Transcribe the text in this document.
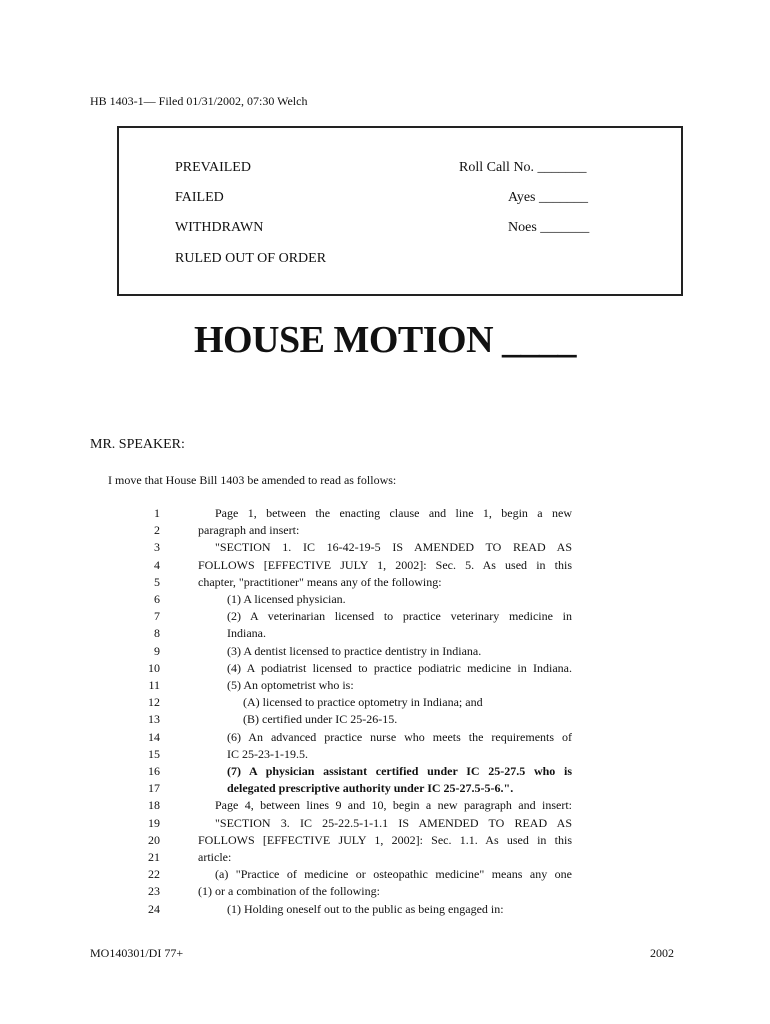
HB 1403-1— Filed 01/31/2002, 07:30 Welch
PREVAILED
FAILED
WITHDRAWN
RULED OUT OF ORDER
Roll Call No. _______
Ayes _______
Noes _______
HOUSE MOTION ____
MR. SPEAKER:
I move that House Bill 1403 be amended to read as follows:
1	Page 1, between the enacting clause and line 1, begin a new
2	paragraph and insert:
3	"SECTION 1. IC 16-42-19-5 IS AMENDED TO READ AS
4	FOLLOWS [EFFECTIVE JULY 1, 2002]: Sec. 5. As used in this
5	chapter, "practitioner" means any of the following:
6	(1) A licensed physician.
7	(2) A veterinarian licensed to practice veterinary medicine in
8	Indiana.
9	(3) A dentist licensed to practice dentistry in Indiana.
10	(4) A podiatrist licensed to practice podiatric medicine in Indiana.
11	(5) An optometrist who is:
12	(A) licensed to practice optometry in Indiana; and
13	(B) certified under IC 25-26-15.
14	(6) An advanced practice nurse who meets the requirements of
15	IC 25-23-1-19.5.
16	(7) A physician assistant certified under IC 25-27.5 who is
17	delegated prescriptive authority under IC 25-27.5-5-6.".
18	Page 4, between lines 9 and 10, begin a new paragraph and insert:
19	"SECTION 3. IC 25-22.5-1-1.1 IS AMENDED TO READ AS
20	FOLLOWS [EFFECTIVE JULY 1, 2002]: Sec. 1.1. As used in this
21	article:
22	(a) "Practice of medicine or osteopathic medicine" means any one
23	(1) or a combination of the following:
24	(1) Holding oneself out to the public as being engaged in:
MO140301/DI 77+	2002
